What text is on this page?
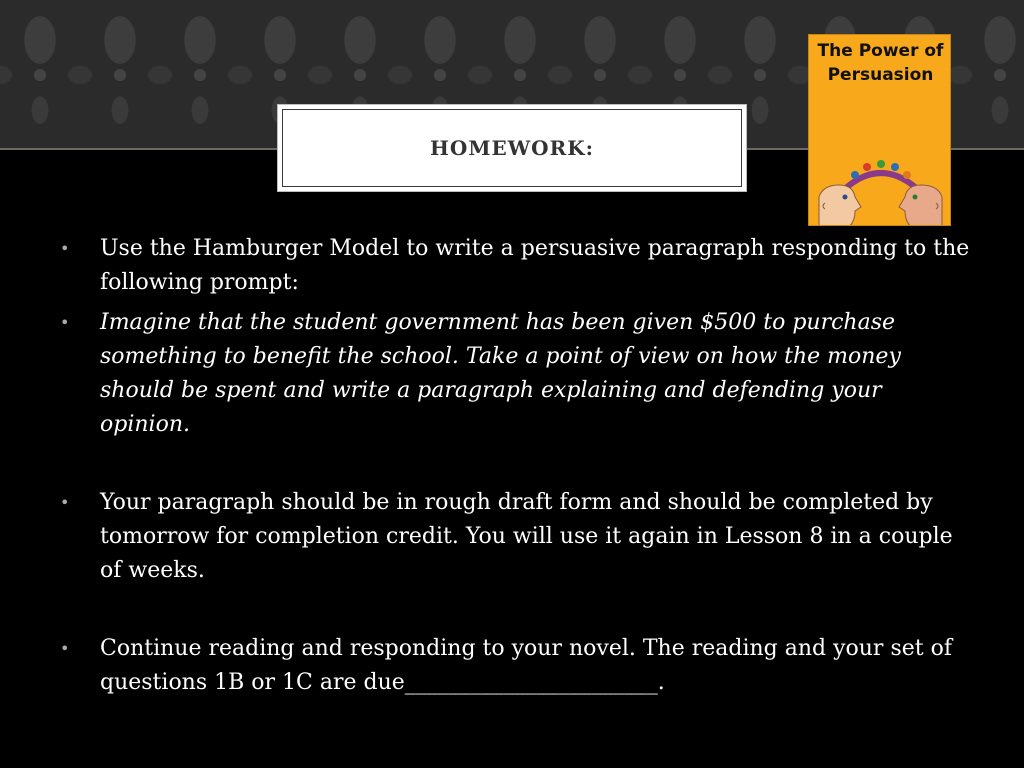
HOMEWORK:
The Power of
Persuasion
•	Use the Hamburger Model to write a persuasive paragraph responding to the following prompt:
•	Imagine that the student government has been given $500 to purchase something to benefit the school. Take a point of view on how the money should be spent and write a paragraph explaining and defending your opinion.
•	Your paragraph should be in rough draft form and should be completed by tomorrow for completion credit. You will use it again in Lesson 8 in a couple of weeks.
•	Continue reading and responding to your novel. The reading and your set of questions 1B or 1C are due_______________________.
